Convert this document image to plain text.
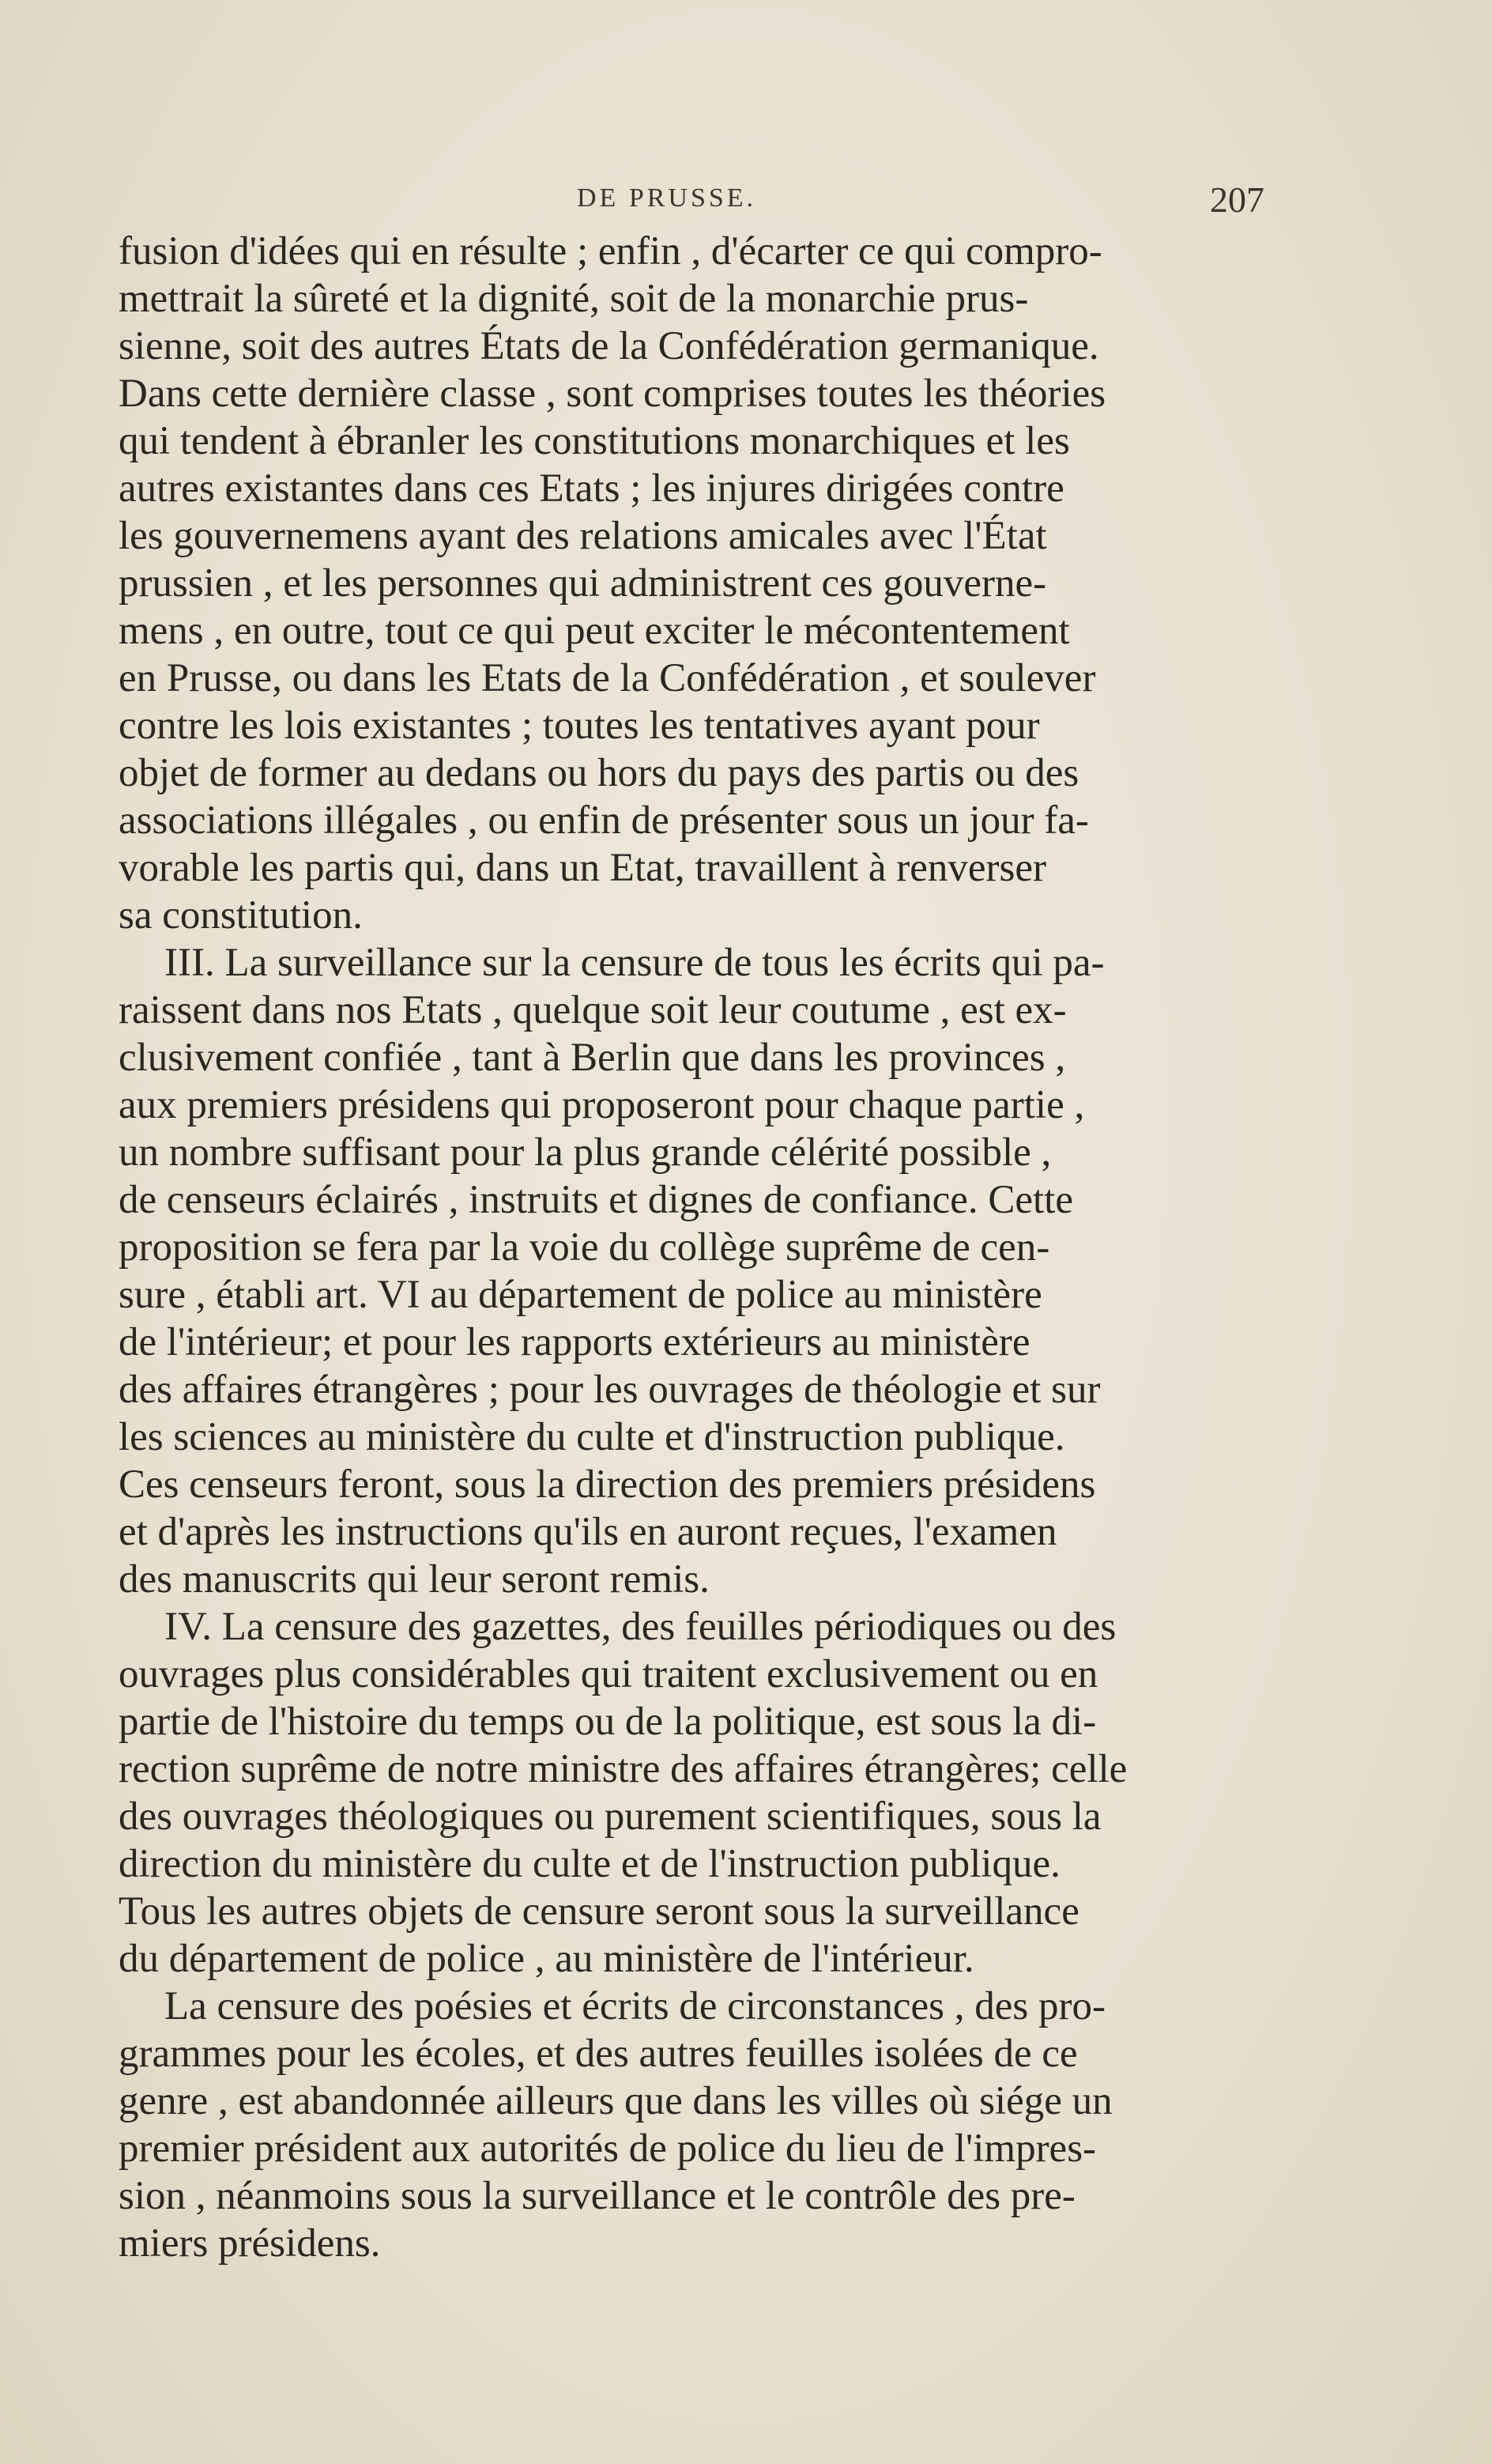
DE PRUSSE.	207
fusion d'idées qui en résulte ; enfin , d'écarter ce qui compro-
mettrait la sûreté et la dignité, soit de la monarchie prus-
sienne, soit des autres États de la Confédération germanique.
Dans cette dernière classe , sont comprises toutes les théories
qui tendent à ébranler les constitutions monarchiques et les
autres existantes dans ces Etats ; les injures dirigées contre
les gouvernemens ayant des relations amicales avec l'État
prussien , et les personnes qui administrent ces gouverne-
mens , en outre, tout ce qui peut exciter le mécontentement
en Prusse, ou dans les Etats de la Confédération , et soulever
contre les lois existantes ; toutes les tentatives ayant pour
objet de former au dedans ou hors du pays des partis ou des
associations illégales , ou enfin de présenter sous un jour fa-
vorable les partis qui, dans un Etat, travaillent à renverser
sa constitution.
III. La surveillance sur la censure de tous les écrits qui pa-
raissent dans nos Etats , quelque soit leur coutume , est ex-
clusivement confiée , tant à Berlin que dans les provinces ,
aux premiers présidens qui proposeront pour chaque partie ,
un nombre suffisant pour la plus grande célérité possible ,
de censeurs éclairés , instruits et dignes de confiance. Cette
proposition se fera par la voie du collège suprême de cen-
sure , établi art. VI au département de police au ministère
de l'intérieur; et pour les rapports extérieurs au ministère
des affaires étrangères ; pour les ouvrages de théologie et sur
les sciences au ministère du culte et d'instruction publique.
Ces censeurs feront, sous la direction des premiers présidens
et d'après les instructions qu'ils en auront reçues, l'examen
des manuscrits qui leur seront remis.
IV. La censure des gazettes, des feuilles périodiques ou des
ouvrages plus considérables qui traitent exclusivement ou en
partie de l'histoire du temps ou de la politique, est sous la di-
rection suprême de notre ministre des affaires étrangères; celle
des ouvrages théologiques ou purement scientifiques, sous la
direction du ministère du culte et de l'instruction publique.
Tous les autres objets de censure seront sous la surveillance
du département de police , au ministère de l'intérieur.
La censure des poésies et écrits de circonstances , des pro-
grammes pour les écoles, et des autres feuilles isolées de ce
genre , est abandonnée ailleurs que dans les villes où siége un
premier président aux autorités de police du lieu de l'impres-
sion , néanmoins sous la surveillance et le contrôle des pre-
miers présidens.
